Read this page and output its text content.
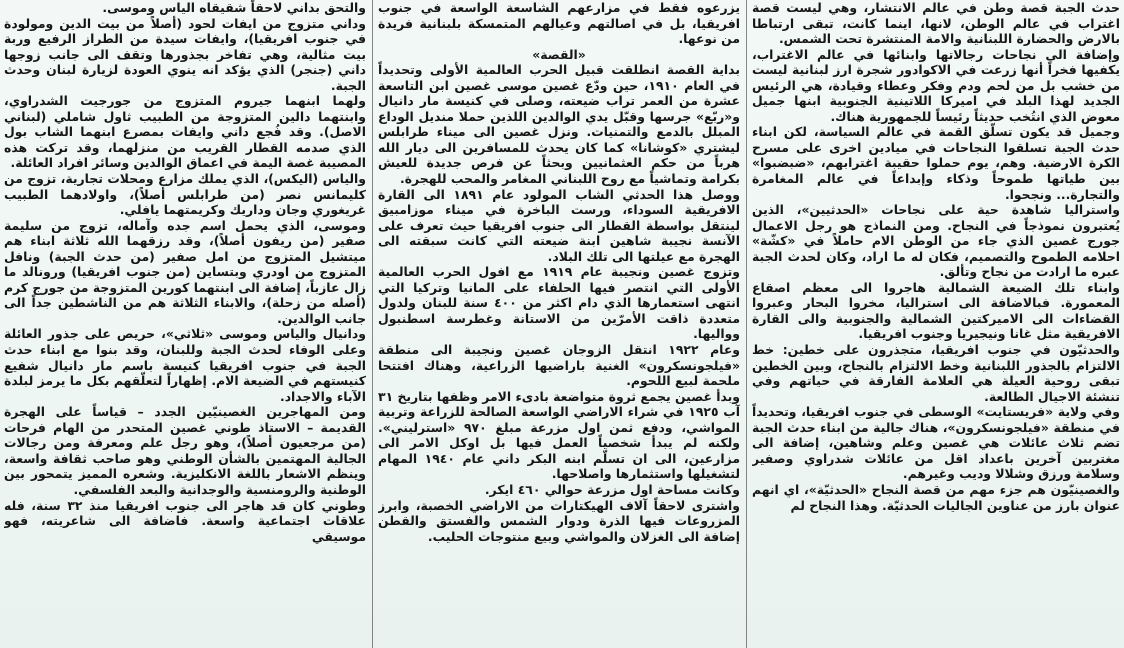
حدث الجبة قصة وطن في عالم الانتشار، وهي ليست قصة اغتراب في عالم الوطن، لانها، اينما كانت، تبقى ارتباطا بالارض والحضارة اللبنانية والامة المنتشرة تحت الشمس.

وإضافة الى نجاحات رجالاتها وابنائها في عالم الاغتراب، يكفيها فخراً أنها زرعت في الاكوادور شجرة ارز لبنانية ليست من خشب بل من لحم ودم وفكر وعطاء وقيادة، هي الرئيس الجديد لهذا البلد في اميركا اللاتينية الجنوبية ابنها جميل معوض الذي انتُخب حديثاً رئيساً للجمهورية هناك.

وجميل قد يكون تسلّق القمة في عالم السياسة، لكن ابناء حدث الجبة تسلقوا النجاحات في ميادين اخرى على مسرح الكرة الارضية. وهم، يوم حملوا حقيبة اغترابهم، «ضبضبوا» بين طياتها طموحاً وذكاء وإبداعاً في عالم المغامرة والتجارة... ونجحوا.

واستراليا شاهدة حية على نجاحات «الحدثيين»، الذين يُعتبرون نموذجاً في النجاح. ومن النماذج هو رجل الاعمال جورج غصين الذي جاء من الوطن الام حاملاً في «كشّة» احلامه الطموح والتصميم، فكان له ما اراد، وكان لحدث الجبة عبره ما ارادت من نجاح وتألق.

وابناء تلك الضيعة الشمالية هاجروا الى معظم اصقاع المعمورة. فبالاضافة الى استراليا، مخروا البحار وعبروا القضاءات الى الاميركتين الشمالية والجنوبية والى القارة الافريقية مثل غانا ونيجيريا وجنوب افريقيا.

والحدثيّون في جنوب افريقيا، متجذرون على خطين: خط الالتزام بالجذور اللبنانية وخط الالتزام بالنجاح، وبين الخطين تبقى روحية العيلة هي العلامة الفارقة في حياتهم وفي تنشئة الاجيال الطالعة.

وفي ولاية «فريستايت» الوسطى في جنوب افريقيا، وتحديداً في منطقة «فيلجونسكرون»، هناك جالية من ابناء حدث الجبة تضم ثلاث عائلات هي غصين وعلم وشاهين، إضافة الى مغتربين آخرين باعداد اقل من عائلات شدراوي وصفير وسلامة ورزق وشلالا وديب وغيرهم.

والغصينيّون هم جزء مهم من قصة النجاح «الحدثيّة»، اي انهم عنوان بارز من عناوين الجاليات الحدثيّة. وهذا النجاح لم

يزرعوه فقط في مزارعهم الشاسعة الواسعة في جنوب افريقيا، بل في اصالتهم وعيالهم المتمسكة بلبنانية فريدة من نوعها.

«القصة»

بداية القصة انطلقت قبيل الحرب العالمية الأولى وتحديداً في العام ١٩١٠، حين ودّع غصين موسى غصين ابن التاسعة عشرة من العمر تراب ضيعته، وصلى في كنيسة مار دانيال و«ربّع» جرسها وقبّل يدي الوالدين اللذين حملا منديل الوداع المبلل بالدمع والتمنيات. ونزل غصين الى ميناء طرابلس ليشتري «كوشانا» كما كان يحدث للمسافرين الى ديار الله هرباً من حكم العثمانيين وبحثاً عن فرص جديدة للعيش بكرامة وتماشياً مع روح اللبناني المغامر والمحب للهجرة.

ووصل هذا الحدثي الشاب المولود عام ١٨٩١ الى القارة الافريقية السوداء، ورست الباخرة في ميناء موزامبيق لينتقل بواسطة القطار الى جنوب افريقيا حيث تعرف على الآنسة نجيبة شاهين ابنة ضيعته التي كانت سبقته الى الهجرة مع عيلتها الى تلك البلاد.

وتزوج غصين ونجيبة عام ١٩١٩ مع افول الحرب العالمية الأولى التي انتصر فيها الحلفاء على المانيا وتركيا التي انتهى استعمارها الذي دام اكثر من ٤٠٠ سنة للبنان ولدول متعددة ذاقت الأمرّين من الاستانة وغطرسة اسطنبول وواليها.

وعام ١٩٢٢ انتقل الزوجان غصين ونجيبة الى منطقة «فيلجونسكرون» الغنية باراضيها الزراعية، وهناك افتتحا ملحمة لبيع اللحوم.

وبدأ غصين يجمع ثروة متواضعة بادىء الامر وظفها بتاريخ ٣١ آب ١٩٢٥ في شراء الاراضي الواسعة الصالحة للزراعة وتربية المواشي، ودفع ثمن اول مزرعة مبلغ ٩٧٠ «استرليني». ولكنه لم يبدأ شخصياً العمل فيها بل اوكل الامر الى مزارعين، الى ان تسلّم ابنه البكر داني عام ١٩٤٠ المهام لتشغيلها واستثمارها واصلاحها.

وكانت مساحة اول مزرعة حوالي ٤٦٠ ايكر.

واشترى لاحقاً آلاف الهيكتارات من الاراضي الخصبة، وابرز المزروعات فيها الذرة ودوار الشمس والفستق والقطن إضافة الى الغزلان والمواشي وبيع منتوجات الحليب.

والتحق بداني لاحقاً شقيقاه الياس وموسى.

وداني متزوج من ايفات لحود (أصلاً من بيت الدين ومولودة في جنوب افريقيا)، وايفات سيدة من الطراز الرفيع وربة بيت مثالية، وهي تفاخر بجذورها وتقف الى جانب زوجها داني (جنجر) الذي يؤكد انه ينوي العودة لزيارة لبنان وحدث الجبة.

ولهما ابنهما جيروم المتزوج من جورجيت الشدراوي، وابنتهما دالين المتزوجة من الطبيب ثاول شاملي (لبناني الاصل). وقد فُجع داني وايفات بمصرع ابنهما الشاب بول الذي صدمه القطار القريب من منزلهما، وقد تركت هذه المصيبة غصة اليمة في اعماق الوالدين وسائر افراد العائلة.

والياس (اليكس)، الذي يملك مزارع ومحلات تجارية، تزوج من كليمانس نصر (من طرابلس أصلاً)، واولادهما الطبيب غريغوري وجان وداريك وكريمتهما يافلي.

وموسى، الذي يحمل اسم جده وآماله، تزوج من سليمة صفير (من ريفون أصلاً)، وقد رزقهما الله ثلاثة ابناء هم ميتشيل المتزوج من امل صفير (من حدث الجبة) ونافل المتزوج من اودري وبتساين (من جنوب افريقيا) ورونالد ما زال عازباً، إضافة الى ابنتهما كورين المتزوجة من جورج كرم (أصله من زحلة)، والابناء الثلاثة هم من الناشطين جداً الى جانب الوالدين.

ودانيال والياس وموسى «ثلاثي»، حريص على جذور العائلة وعلى الوفاء لحدث الجبة وللبنان، وقد بنوا مع ابناء حدث الجبة في جنوب افريقيا كنيسة باسم مار دانيال شفيع كنيستهم في الضيعة الام. إظهاراً لتعلّقهم بكل ما يرمز لبلدة الآباء والاجداد.

ومن المهاجرين الغصينيّين الجدد – قياساً على الهجرة القديمة – الاستاذ طوني غصين المتحدر من الهام فرحات (من مرجعيون أصلاً)، وهو رجل علم ومعرفة ومن رجالات الجالية المهتمين بالشأن الوطني وهو صاحب ثقافة واسعة، وينظم الاشعار باللغة الانكليزية. وشعره المميز يتمحور بين الوطنية والرومنسية والوجدانية والبعد الفلسفي.

وطوني كان قد هاجر الى جنوب افريقيا منذ ٣٢ سنة، فله علاقات اجتماعية واسعة. فاضافة الى شاعريته، فهو موسيقي
